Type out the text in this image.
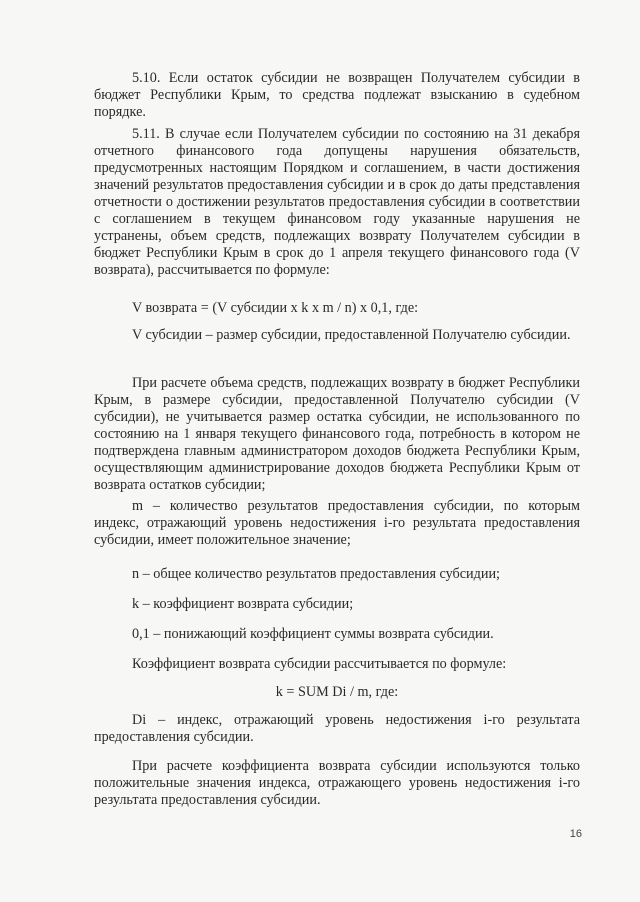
5.10. Если остаток субсидии не возвращен Получателем субсидии в бюджет Республики Крым, то средства подлежат взысканию в судебном порядке.

5.11. В случае если Получателем субсидии по состоянию на 31 декабря отчетного финансового года допущены нарушения обязательств, предусмотренных настоящим Порядком и соглашением, в части достижения значений результатов предоставления субсидии и в срок до даты представления отчетности о достижении результатов предоставления субсидии в соответствии с соглашением в текущем финансовом году указанные нарушения не устранены, объем средств, подлежащих возврату Получателем субсидии в бюджет Республики Крым в срок до 1 апреля текущего финансового года (V возврата), рассчитывается по формуле:

V возврата = (V субсидии х k х m / n) х 0,1, где:

V субсидии – размер субсидии, предоставленной Получателю субсидии.

При расчете объема средств, подлежащих возврату в бюджет Республики Крым, в размере субсидии, предоставленной Получателю субсидии (V субсидии), не учитывается размер остатка субсидии, не использованного по состоянию на 1 января текущего финансового года, потребность в котором не подтверждена главным администратором доходов бюджета Республики Крым, осуществляющим администрирование доходов бюджета Республики Крым от возврата остатков субсидии;

m – количество результатов предоставления субсидии, по которым индекс, отражающий уровень недостижения i-го результата предоставления субсидии, имеет положительное значение;

n – общее количество результатов предоставления субсидии;

k – коэффициент возврата субсидии;

0,1 – понижающий коэффициент суммы возврата субсидии.

Коэффициент возврата субсидии рассчитывается по формуле:

k = SUM Di / m, где:

Di – индекс, отражающий уровень недостижения i-го результата предоставления субсидии.

При расчете коэффициента возврата субсидии используются только положительные значения индекса, отражающего уровень недостижения i-го результата предоставления субсидии.

16
